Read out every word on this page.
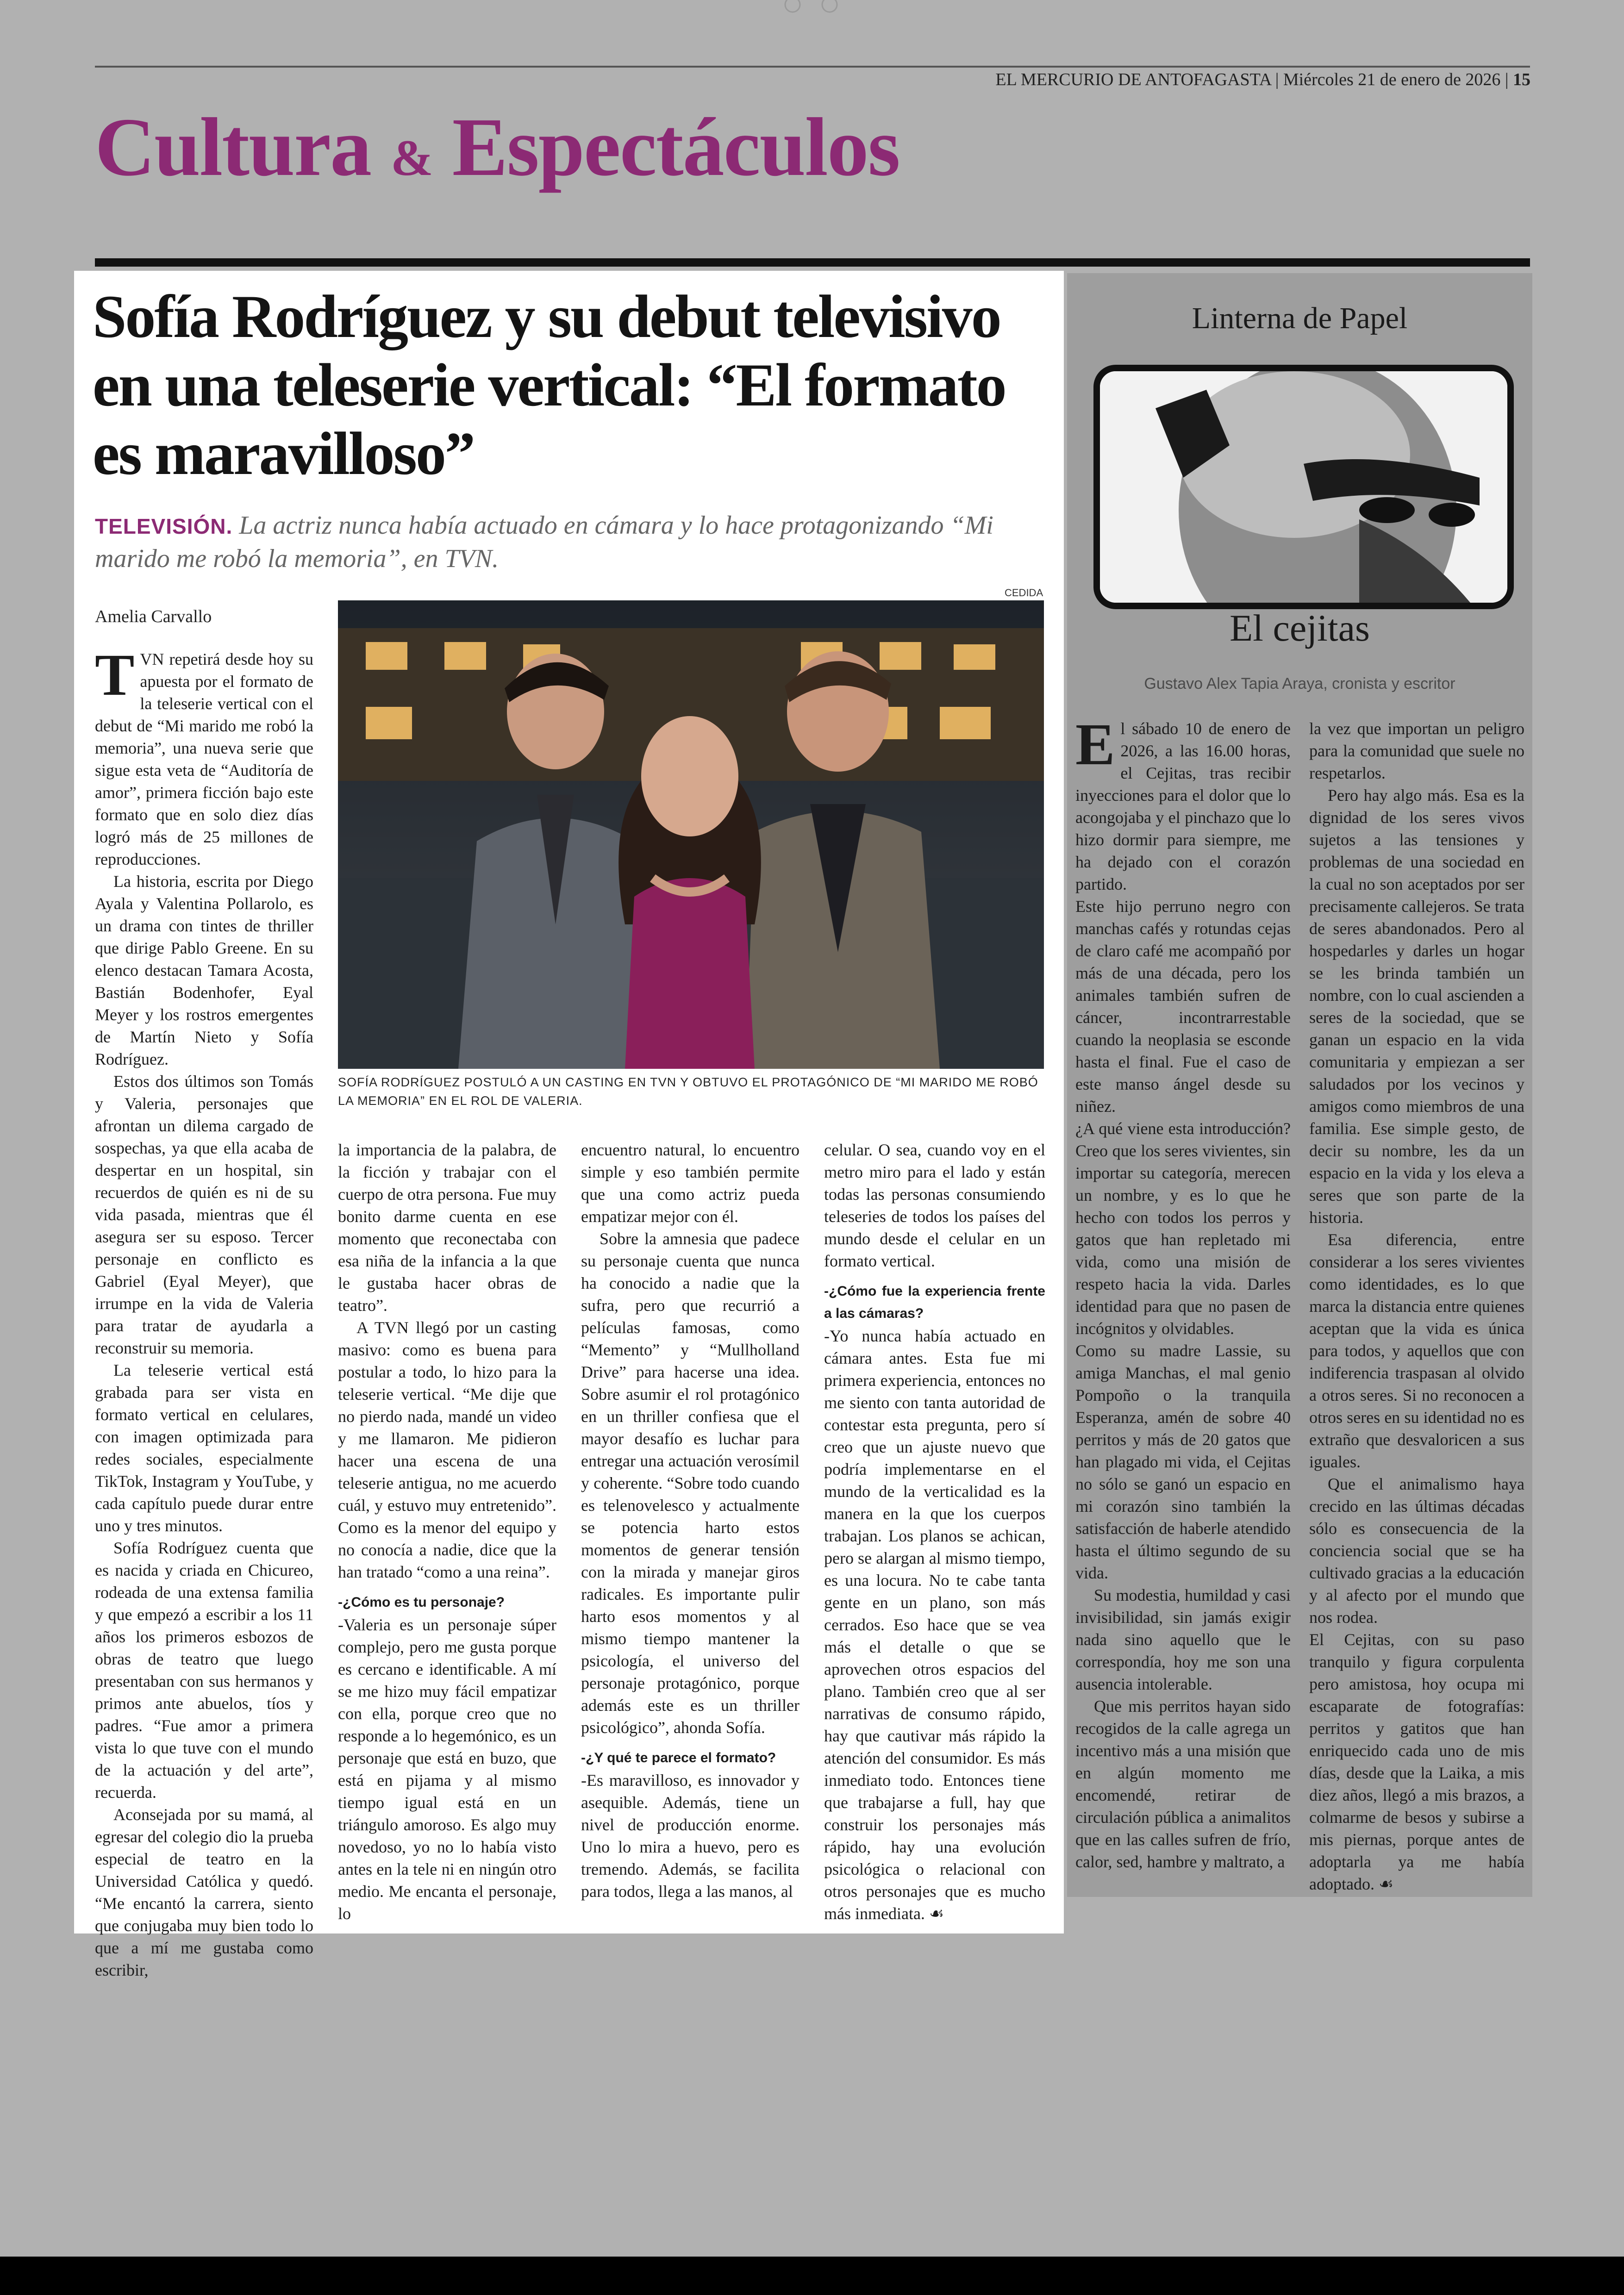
EL MERCURIO DE ANTOFAGASTA | Miércoles 21 de enero de 2026 | 15
Cultura & Espectáculos
Sofía Rodríguez y su debut televisivo en una teleserie vertical: “El formato es maravilloso”
TELEVISIÓN. La actriz nunca había actuado en cámara y lo hace protagonizando “Mi marido me robó la memoria”, en TVN.
Amelia Carvallo
CEDIDA
SOFÍA RODRÍGUEZ POSTULÓ A UN CASTING EN TVN Y OBTUVO EL PROTAGÓNICO DE “MI MARIDO ME ROBÓ LA MEMORIA” EN EL ROL DE VALERIA.

TVN repetirá desde hoy su apuesta por el formato de la teleserie vertical con el debut de “Mi marido me robó la memoria”, una nueva serie que sigue esta veta de “Auditoría de amor”, primera ficción bajo este formato que en solo diez días logró más de 25 millones de reproducciones.

La historia, escrita por Diego Ayala y Valentina Pollarolo, es un drama con tintes de thriller que dirige Pablo Greene. En su elenco destacan Tamara Acosta, Bastián Bodenhofer, Eyal Meyer y los rostros emergentes de Martín Nieto y Sofía Rodríguez.

Estos dos últimos son Tomás y Valeria, personajes que afrontan un dilema cargado de sospechas, ya que ella acaba de despertar en un hospital, sin recuerdos de quién es ni de su vida pasada, mientras que él asegura ser su esposo. Tercer personaje en conflicto es Gabriel (Eyal Meyer), que irrumpe en la vida de Valeria para tratar de ayudarla a reconstruir su memoria.

La teleserie vertical está grabada para ser vista en formato vertical en celulares, con imagen optimizada para redes sociales, especialmente TikTok, Instagram y YouTube, y cada capítulo puede durar entre uno y tres minutos.

Sofía Rodríguez cuenta que es nacida y criada en Chicureo, rodeada de una extensa familia y que empezó a escribir a los 11 años los primeros esbozos de obras de teatro que luego presentaban con sus hermanos y primos ante abuelos, tíos y padres. “Fue amor a primera vista lo que tuve con el mundo de la actuación y del arte”, recuerda.

Aconsejada por su mamá, al egresar del colegio dio la prueba especial de teatro en la Universidad Católica y quedó. “Me encantó la carrera, siento que conjugaba muy bien todo lo que a mí me gustaba como escribir,

la importancia de la palabra, de la ficción y trabajar con el cuerpo de otra persona. Fue muy bonito darme cuenta en ese momento que reconectaba con esa niña de la infancia a la que le gustaba hacer obras de teatro”.

A TVN llegó por un casting masivo: como es buena para postular a todo, lo hizo para la teleserie vertical. “Me dije que no pierdo nada, mandé un video y me llamaron. Me pidieron hacer una escena de una teleserie antigua, no me acuerdo cuál, y estuvo muy entretenido”. Como es la menor del equipo y no conocía a nadie, dice que la han tratado “como a una reina”.

-¿Cómo es tu personaje?

-Valeria es un personaje súper complejo, pero me gusta porque es cercano e identificable. A mí se me hizo muy fácil empatizar con ella, porque creo que no responde a lo hegemónico, es un personaje que está en buzo, que está en pijama y al mismo tiempo igual está en un triángulo amoroso. Es algo muy novedoso, yo no lo había visto antes en la tele ni en ningún otro medio. Me encanta el personaje, lo

encuentro natural, lo encuentro simple y eso también permite que una como actriz pueda empatizar mejor con él.

Sobre la amnesia que padece su personaje cuenta que nunca ha conocido a nadie que la sufra, pero que recurrió a películas famosas, como “Memento” y “Mullholland Drive” para hacerse una idea. Sobre asumir el rol protagónico en un thriller confiesa que el mayor desafío es luchar para entregar una actuación verosímil y coherente. “Sobre todo cuando es telenovelesco y actualmente se potencia harto estos momentos de generar tensión con la mirada y manejar giros radicales. Es importante pulir harto esos momentos y al mismo tiempo mantener la psicología, el universo del personaje protagónico, porque además este es un thriller psicológico”, ahonda Sofía.

-¿Y qué te parece el formato?

-Es maravilloso, es innovador y asequible. Además, tiene un nivel de producción enorme. Uno lo mira a huevo, pero es tremendo. Además, se facilita para todos, llega a las manos, al

celular. O sea, cuando voy en el metro miro para el lado y están todas las personas consumiendo teleseries de todos los países del mundo desde el celular en un formato vertical.

-¿Cómo fue la experiencia frente a las cámaras?

-Yo nunca había actuado en cámara antes. Esta fue mi primera experiencia, entonces no me siento con tanta autoridad de contestar esta pregunta, pero sí creo que un ajuste nuevo que podría implementarse en el mundo de la verticalidad es la manera en la que los cuerpos trabajan. Los planos se achican, pero se alargan al mismo tiempo, es una locura. No te cabe tanta gente en un plano, son más cerrados. Eso hace que se vea más el detalle o que se aprovechen otros espacios del plano. También creo que al ser narrativas de consumo rápido, hay que cautivar más rápido la atención del consumidor. Es más inmediato todo. Entonces tiene que trabajarse a full, hay que construir los personajes más rápido, hay una evolución psicológica o relacional con otros personajes que es mucho más inmediata. ☙

Linterna de Papel
El cejitas
Gustavo Alex Tapia Araya, cronista y escritor

El sábado 10 de enero de 2026, a las 16.00 horas, el Cejitas, tras recibir inyecciones para el dolor que lo acongojaba y el pinchazo que lo hizo dormir para siempre, me ha dejado con el corazón partido.

Este hijo perruno negro con manchas cafés y rotundas cejas de claro café me acompañó por más de una década, pero los animales también sufren de cáncer, incontrarrestable cuando la neoplasia se esconde hasta el final. Fue el caso de este manso ángel desde su niñez.

¿A qué viene esta introducción? Creo que los seres vivientes, sin importar su categoría, merecen un nombre, y es lo que he hecho con todos los perros y gatos que han repletado mi vida, como una misión de respeto hacia la vida. Darles identidad para que no pasen de incógnitos y olvidables.

Como su madre Lassie, su amiga Manchas, el mal genio Pompoño o la tranquila Esperanza, amén de sobre 40 perritos y más de 20 gatos que han plagado mi vida, el Cejitas no sólo se ganó un espacio en mi corazón sino también la satisfacción de haberle atendido hasta el último segundo de su vida.

Su modestia, humildad y casi invisibilidad, sin jamás exigir nada sino aquello que le correspondía, hoy me son una ausencia intolerable.

Que mis perritos hayan sido recogidos de la calle agrega un incentivo más a una misión que en algún momento me encomendé, retirar de circulación pública a animalitos que en las calles sufren de frío, calor, sed, hambre y maltrato, a

la vez que importan un peligro para la comunidad que suele no respetarlos.

Pero hay algo más. Esa es la dignidad de los seres vivos sujetos a las tensiones y problemas de una sociedad en la cual no son aceptados por ser precisamente callejeros. Se trata de seres abandonados. Pero al hospedarles y darles un hogar se les brinda también un nombre, con lo cual ascienden a seres de la sociedad, que se ganan un espacio en la vida comunitaria y empiezan a ser saludados por los vecinos y amigos como miembros de una familia. Ese simple gesto, de decir su nombre, les da un espacio en la vida y los eleva a seres que son parte de la historia.

Esa diferencia, entre considerar a los seres vivientes como identidades, es lo que marca la distancia entre quienes aceptan que la vida es única para todos, y aquellos que con indiferencia traspasan al olvido a otros seres. Si no reconocen a otros seres en su identidad no es extraño que desvaloricen a sus iguales.

Que el animalismo haya crecido en las últimas décadas sólo es consecuencia de la conciencia social que se ha cultivado gracias a la educación y al afecto por el mundo que nos rodea.

El Cejitas, con su paso tranquilo y figura corpulenta pero amistosa, hoy ocupa mi escaparate de fotografías: perritos y gatitos que han enriquecido cada uno de mis días, desde que la Laika, a mis diez años, llegó a mis brazos, a colmarme de besos y subirse a mis piernas, porque antes de adoptarla ya me había adoptado. ☙
